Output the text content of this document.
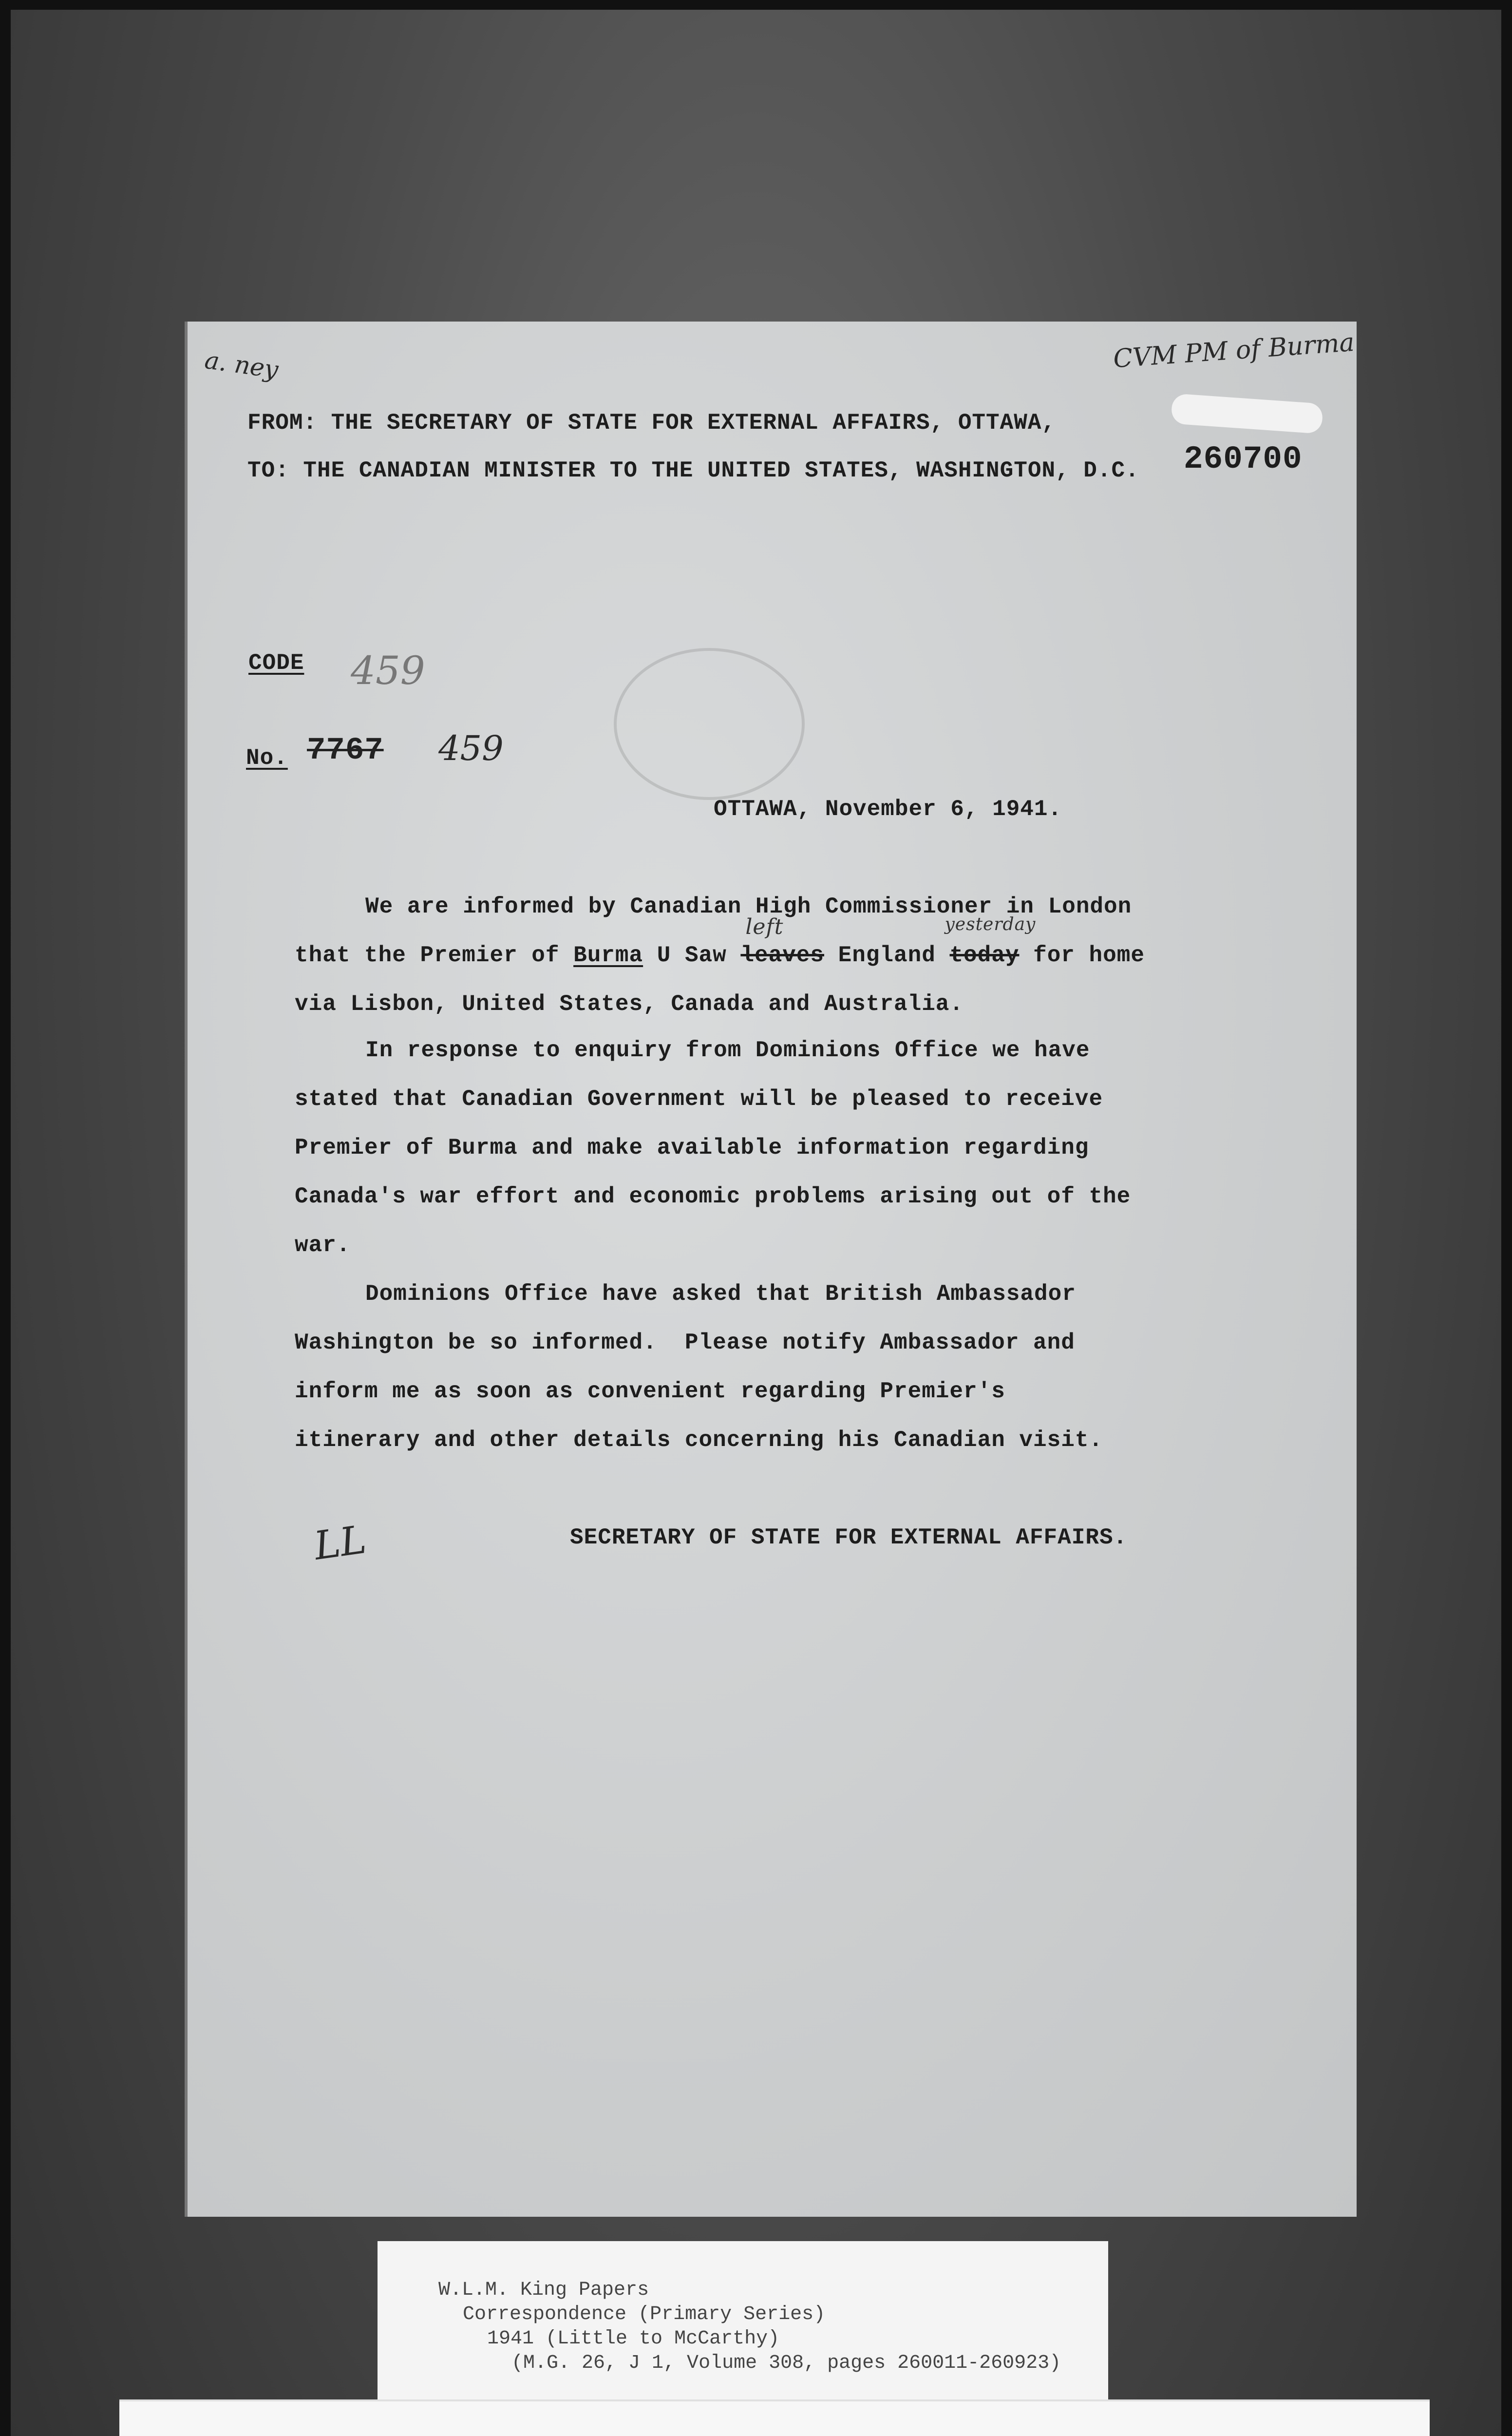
CVM PM of Burma
a. ney
FROM: THE SECRETARY OF STATE FOR EXTERNAL AFFAIRS, OTTAWA,
TO: THE CANADIAN MINISTER TO THE UNITED STATES, WASHINGTON, D.C. 260700
CODE 459
No. 7767 459
OTTAWA, November 6, 1941.
We are informed by Canadian High Commissioner in London
that the Premier of Burma U Saw leaves
left
England today
yesterday
for home
via Lisbon, United States, Canada and Australia.
In response to enquiry from Dominions Office we have
stated that Canadian Government will be pleased to receive
Premier of Burma and make available information regarding
Canada's war effort and economic problems arising out of the
war.
Dominions Office have asked that British Ambassador
Washington be so informed.  Please notify Ambassador and
inform me as soon as convenient regarding Premier's
itinerary and other details concerning his Canadian visit.
SECRETARY OF STATE FOR EXTERNAL AFFAIRS.
LL
W.L.M. King Papers
Correspondence (Primary Series)
1941 (Little to McCarthy)
(M.G. 26, J 1, Volume 308, pages 260011-260923)
